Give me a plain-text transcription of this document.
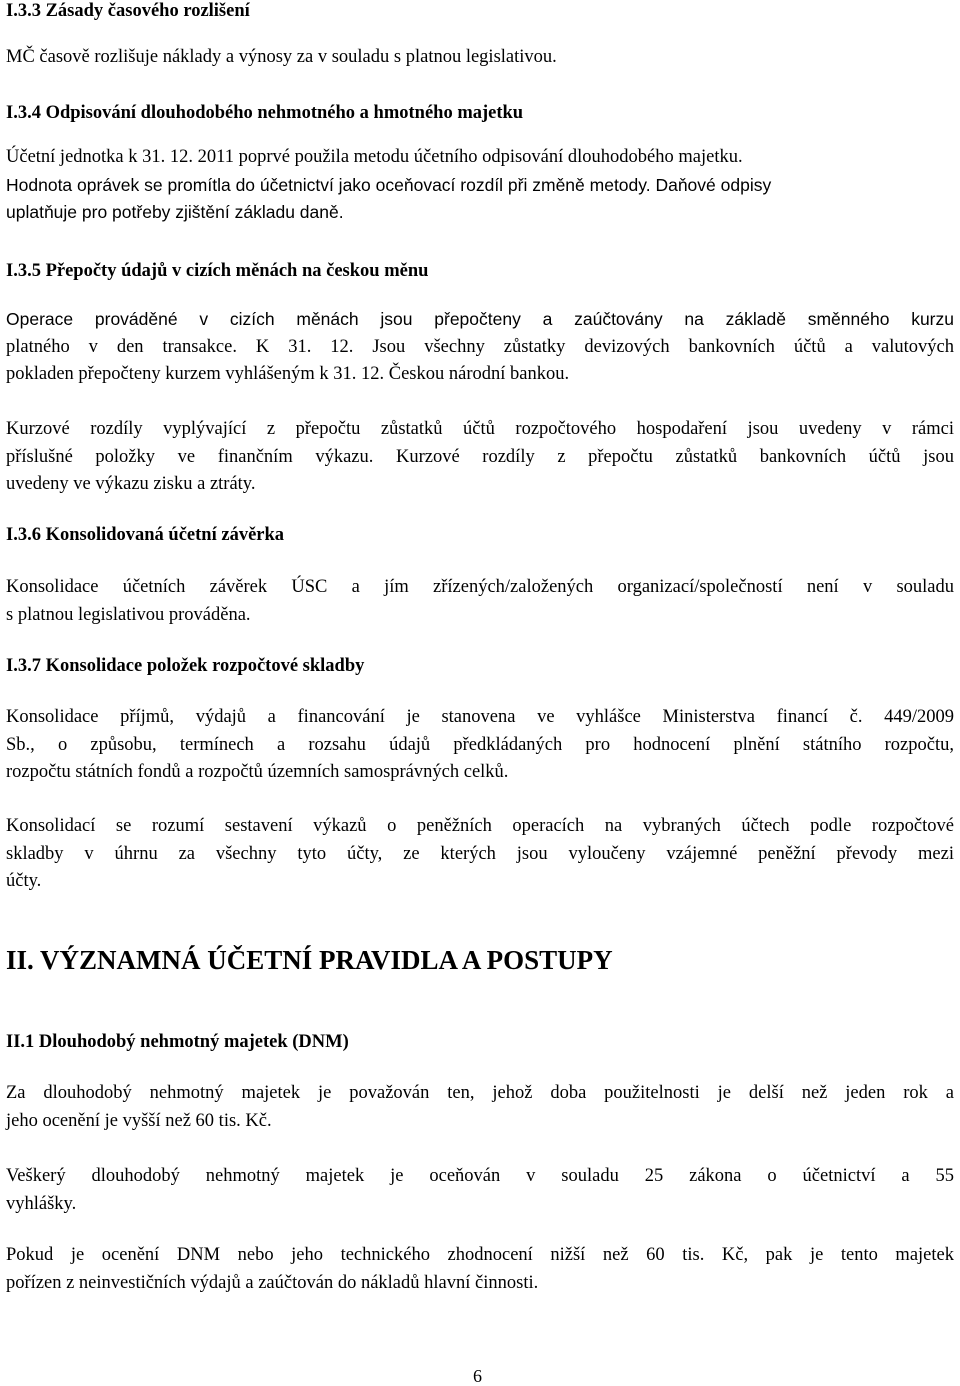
I.3.3 Zásady časového rozlišení

MČ časově rozlišuje náklady a výnosy za v souladu s platnou legislativou.

I.3.4 Odpisování dlouhodobého nehmotného a hmotného majetku
Účetní jednotka k 31. 12. 2011 poprvé použila metodu účetního odpisování dlouhodobého majetku.
Hodnota oprávek se promítla do účetnictví jako oceňovací rozdíl při změně metody. Daňové odpisy
uplatňuje pro potřeby zjištění základu daně.
I.3.5 Přepočty údajů v cizích měnách na českou měnu
Operace prováděné v cizích měnách jsou přepočteny a zaúčtovány na základě směnného kurzu
platného v den transakce. K 31. 12. Jsou všechny zůstatky devizových bankovních účtů a valutových
pokladen přepočteny kurzem vyhlášeným k 31. 12. Českou národní bankou.
Kurzové rozdíly vyplývající z přepočtu zůstatků účtů rozpočtového hospodaření jsou uvedeny v rámci
příslušné položky ve finančním výkazu. Kurzové rozdíly z přepočtu zůstatků bankovních účtů jsou
uvedeny ve výkazu zisku a ztráty.
I.3.6 Konsolidovaná účetní závěrka
Konsolidace účetních závěrek ÚSC a jím zřízených/založených organizací/společností není v souladu
s platnou legislativou prováděna.
I.3.7 Konsolidace položek rozpočtové skladby
Konsolidace příjmů, výdajů a financování je stanovena ve vyhlášce Ministerstva financí č. 449/2009
Sb., o způsobu, termínech a rozsahu údajů předkládaných pro hodnocení plnění státního rozpočtu,
rozpočtu státních fondů a rozpočtů územních samosprávných celků.
Konsolidací se rozumí sestavení výkazů o peněžních operacích na vybraných účtech podle rozpočtové
skladby v úhrnu za všechny tyto účty, ze kterých jsou vyloučeny vzájemné peněžní převody mezi
účty.
II. VÝZNAMNÁ ÚČETNÍ PRAVIDLA A POSTUPY
II.1 Dlouhodobý nehmotný majetek (DNM)
Za dlouhodobý nehmotný majetek je považován ten, jehož doba použitelnosti je delší než jeden rok a
jeho ocenění je vyšší než 60 tis. Kč.
Veškerý dlouhodobý nehmotný majetek je oceňován v souladu 25 zákona o účetnictví a 55
vyhlášky.
Pokud je ocenění DNM nebo jeho technického zhodnocení nižší než 60 tis. Kč, pak je tento majetek
pořízen z neinvestičních výdajů a zaúčtován do nákladů hlavní činnosti.
6
